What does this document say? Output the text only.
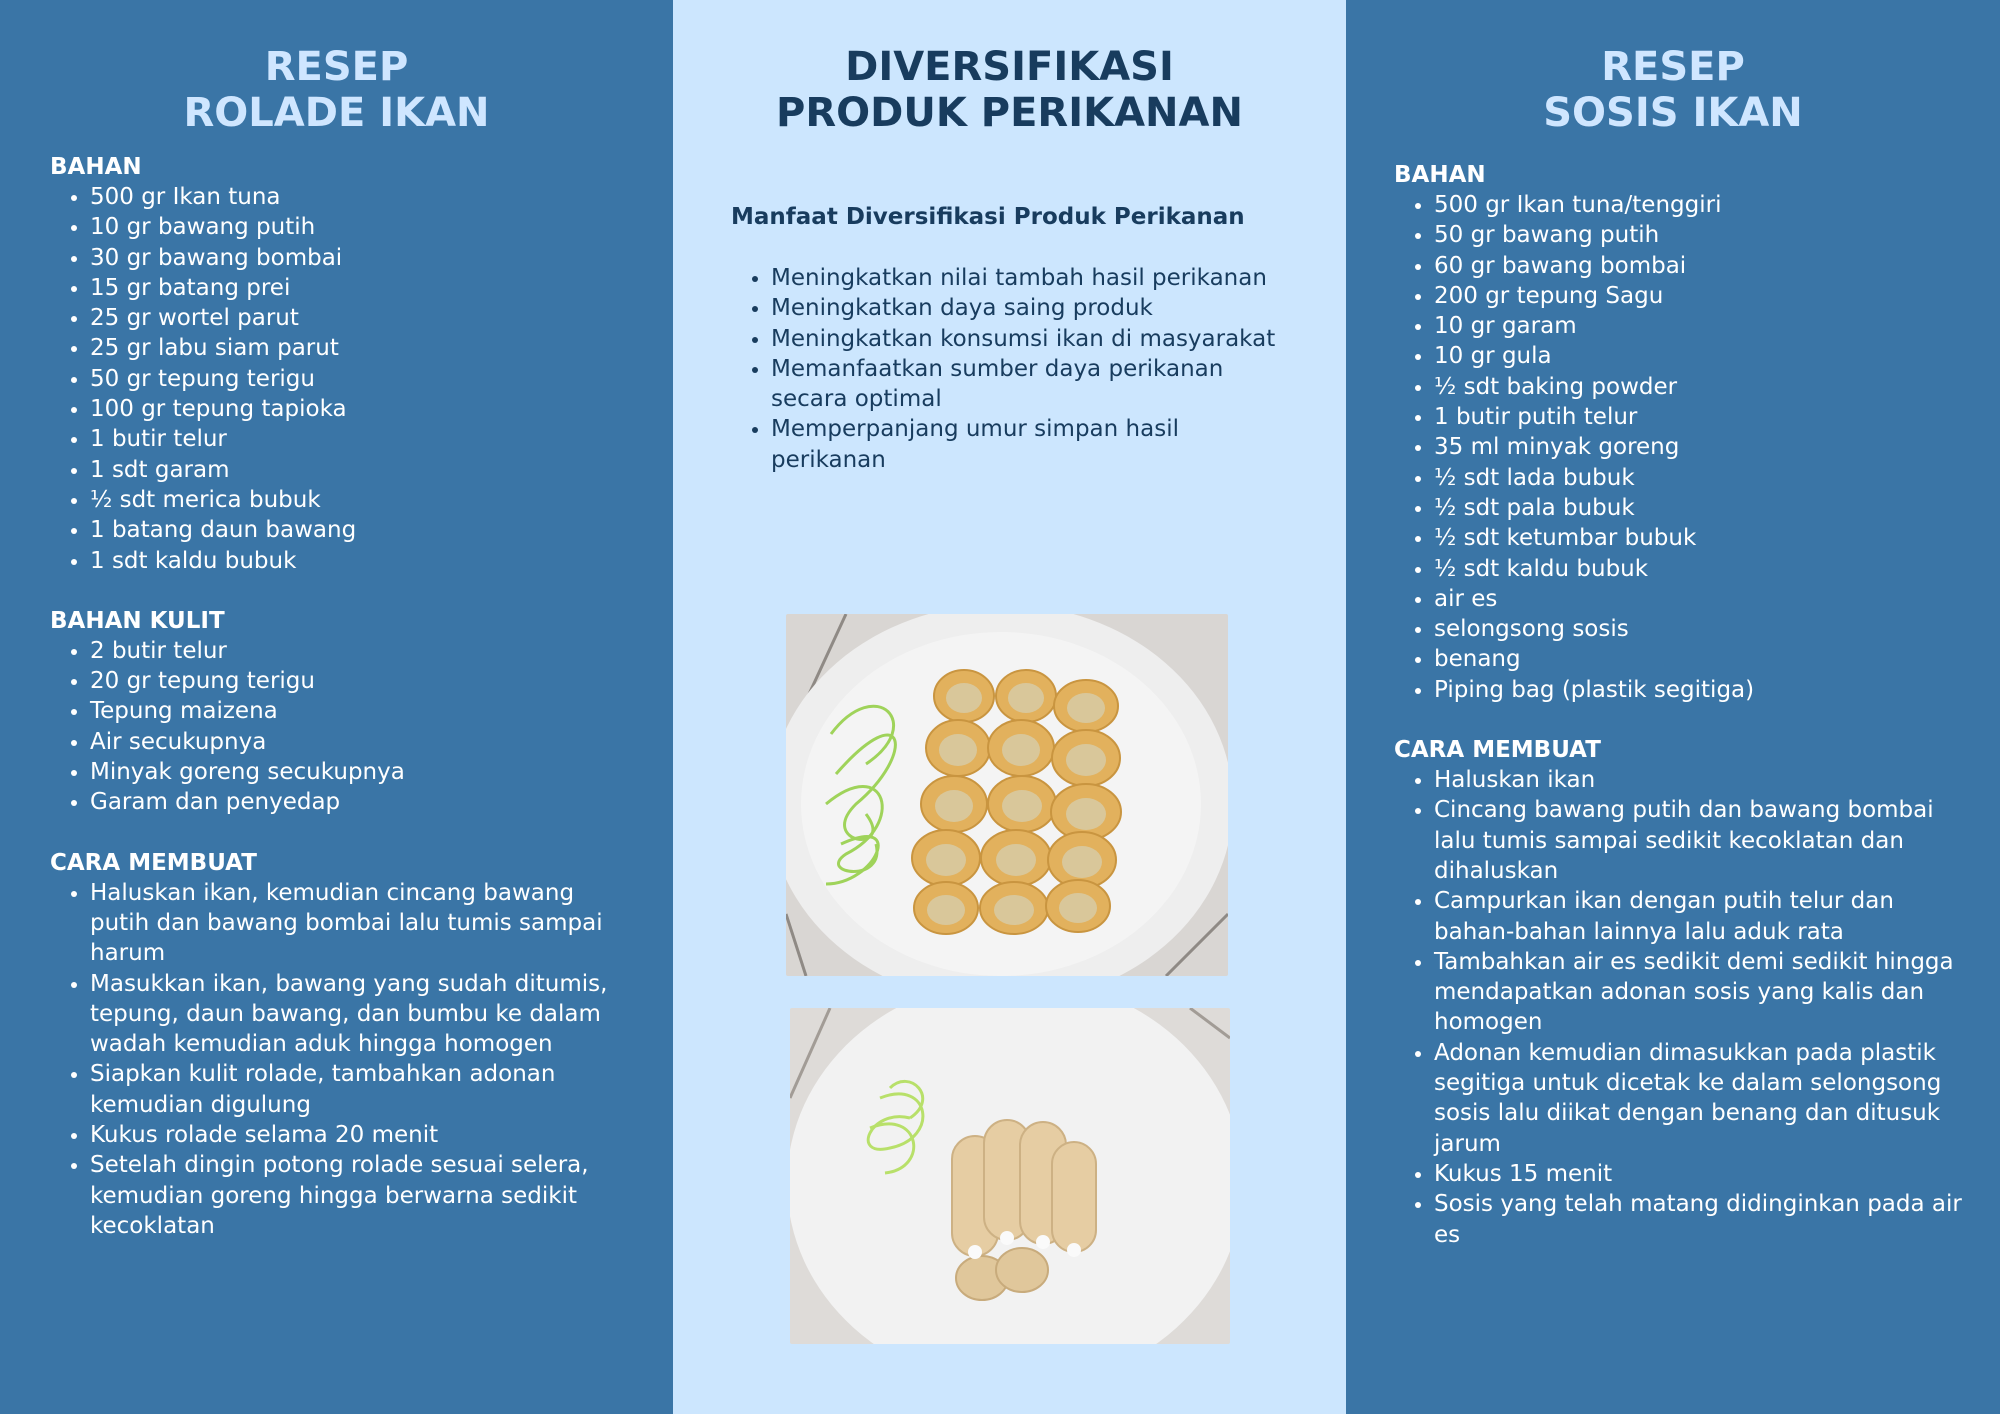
RESEP
ROLADE IKAN

BAHAN

• 500 gr Ikan tuna
• 10 gr bawang putih
• 30 gr bawang bombai
• 15 gr batang prei
• 25 gr wortel parut
• 25 gr labu siam parut
• 50 gr tepung terigu
• 100 gr tepung tapioka
• 1 butir telur
• 1 sdt garam
• ½ sdt merica bubuk
• 1 batang daun bawang
• 1 sdt kaldu bubuk

BAHAN KULIT

• 2 butir telur
• 20 gr tepung terigu
• Tepung maizena
• Air secukupnya
• Minyak goreng secukupnya
• Garam dan penyedap

CARA MEMBUAT

• Haluskan ikan, kemudian cincang bawang putih dan bawang bombai lalu tumis sampai harum
• Masukkan ikan, bawang yang sudah ditumis, tepung, daun bawang, dan bumbu ke dalam wadah kemudian aduk hingga homogen
• Siapkan kulit rolade, tambahkan adonan kemudian digulung
• Kukus rolade selama 20 menit
• Setelah dingin potong rolade sesuai selera, kemudian goreng hingga berwarna sedikit kecoklatan
DIVERSIFIKASI
PRODUK PERIKANAN

Manfaat Diversifikasi Produk Perikanan

• Meningkatkan nilai tambah hasil perikanan
• Meningkatkan daya saing produk
• Meningkatkan konsumsi ikan di masyarakat
• Memanfaatkan sumber daya perikanan secara optimal
• Memperpanjang umur simpan hasil perikanan
RESEP
SOSIS IKAN

BAHAN

• 500 gr Ikan tuna/tenggiri
• 50 gr bawang putih
• 60 gr bawang bombai
• 200 gr tepung Sagu
• 10 gr garam
• 10 gr gula
• ½ sdt baking powder
• 1 butir putih telur
• 35 ml minyak goreng
• ½ sdt lada bubuk
• ½ sdt pala bubuk
• ½ sdt ketumbar bubuk
• ½ sdt kaldu bubuk
• air es
• selongsong sosis
• benang
• Piping bag (plastik segitiga)

CARA MEMBUAT

• Haluskan ikan
• Cincang bawang putih dan bawang bombai lalu tumis sampai sedikit kecoklatan dan dihaluskan
• Campurkan ikan dengan putih telur dan bahan-bahan lainnya lalu aduk rata
• Tambahkan air es sedikit demi sedikit hingga mendapatkan adonan sosis yang kalis dan homogen
• Adonan kemudian dimasukkan pada plastik segitiga untuk dicetak ke dalam selongsong sosis lalu diikat dengan benang dan ditusuk jarum
• Kukus 15 menit
• Sosis yang telah matang didinginkan pada air es
